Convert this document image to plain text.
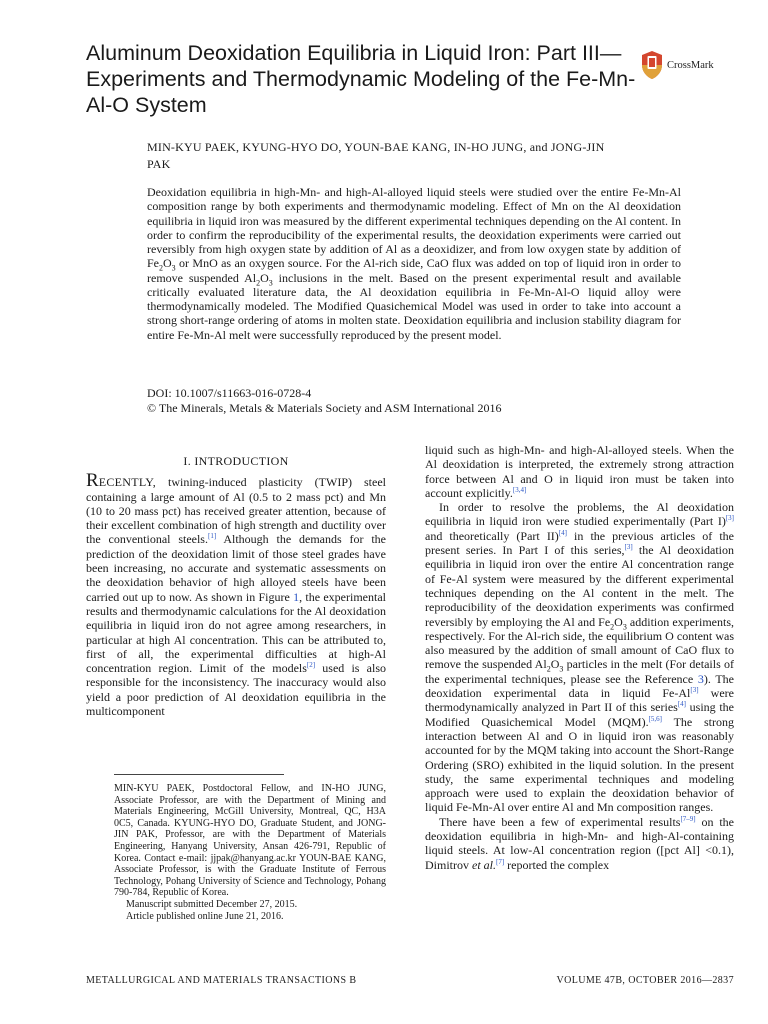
Aluminum Deoxidation Equilibria in Liquid Iron: Part III—Experiments and Thermodynamic Modeling of the Fe-Mn-Al-O System
CrossMark
MIN-KYU PAEK, KYUNG-HYO DO, YOUN-BAE KANG, IN-HO JUNG, and JONG-JIN PAK
Deoxidation equilibria in high-Mn- and high-Al-alloyed liquid steels were studied over the entire Fe-Mn-Al composition range by both experiments and thermodynamic modeling. Effect of Mn on the Al deoxidation equilibria in liquid iron was measured by the different experimental techniques depending on the Al content. In order to confirm the reproducibility of the experimental results, the deoxidation experiments were carried out reversibly from high oxygen state by addition of Al as a deoxidizer, and from low oxygen state by addition of $Fe_2O_3$ or MnO as an oxygen source. For the Al-rich side, CaO flux was added on top of liquid iron in order to remove suspended $Al_2O_3$ inclusions in the melt. Based on the present experimental result and available critically evaluated literature data, the Al deoxidation equilibria in Fe-Mn-Al-O liquid alloy were thermodynamically modeled. The Modified Quasichemical Model was used in order to take into account a strong short-range ordering of atoms in molten state. Deoxidation equilibria and inclusion stability diagram for entire Fe-Mn-Al melt were successfully reproduced by the present model.
DOI: 10.1007/s11663-016-0728-4
© The Minerals, Metals & Materials Society and ASM International 2016
I. INTRODUCTION

RECENTLY, twining-induced plasticity (TWIP) steel containing a large amount of Al (0.5 to 2 mass pct) and Mn (10 to 20 mass pct) has received greater attention, because of their excellent combination of high strength and ductility over the conventional steels.[1] Although the demands for the prediction of the deoxidation limit of those steel grades have been increasing, no accurate and systematic assessments on the deoxidation behavior of high alloyed steels have been carried out up to now. As shown in Figure 1, the experimental results and thermodynamic calculations for the Al deoxidation equilibria in liquid iron do not agree among researchers, in particular at high Al concentration. This can be attributed to, first of all, the experimental difficulties at high-Al concentration region. Limit of the models[2] used is also responsible for the inconsistency. The inaccuracy would also yield a poor prediction of Al deoxidation equilibria in the multicomponent

liquid such as high-Mn- and high-Al-alloyed steels. When the Al deoxidation is interpreted, the extremely strong attraction force between Al and O in liquid iron must be taken into account explicitly.[3,4]

In order to resolve the problems, the Al deoxidation equilibria in liquid iron were studied experimentally (Part I)[3] and theoretically (Part II)[4] in the previous articles of the present series. In Part I of this series,[3] the Al deoxidation equilibria in liquid iron over the entire Al concentration range of Fe-Al system were measured by the different experimental techniques depending on the Al content in the melt. The reproducibility of the deoxidation experiments was confirmed reversibly by employing the Al and $Fe_2O_3$ addition experiments, respectively. For the Al-rich side, the equilibrium O content was also measured by the addition of small amount of CaO flux to remove the suspended $Al_2O_3$ particles in the melt (For details of the experimental techniques, please see the Reference 3). The deoxidation experimental data in liquid Fe-Al[3] were thermodynamically analyzed in Part II of this series[4] using the Modified Quasichemical Model (MQM).[5,6] The strong interaction between Al and O in liquid iron was reasonably accounted for by the MQM taking into account the Short-Range Ordering (SRO) exhibited in the liquid solution. In the present study, the same experimental techniques and modeling approach were used to explain the deoxidation behavior of liquid Fe-Mn-Al over entire Al and Mn composition ranges.

There have been a few of experimental results[7–9] on the deoxidation equilibria in high-Mn- and high-Al-containing liquid steels. At low-Al concentration region ([pct Al] <0.1), Dimitrov et al.[7] reported the complex

MIN-KYU PAEK, Postdoctoral Fellow, and IN-HO JUNG, Associate Professor, are with the Department of Mining and Materials Engineering, McGill University, Montreal, QC, H3A 0C5, Canada. KYUNG-HYO DO, Graduate Student, and JONG-JIN PAK, Professor, are with the Department of Materials Engineering, Hanyang University, Ansan 426-791, Republic of Korea. Contact e-mail: jjpak@hanyang.ac.kr YOUN-BAE KANG, Associate Professor, is with the Graduate Institute of Ferrous Technology, Pohang University of Science and Technology, Pohang 790-784, Republic of Korea.

Manuscript submitted December 27, 2015.

Article published online June 21, 2016.

METALLURGICAL AND MATERIALS TRANSACTIONS B	VOLUME 47B, OCTOBER 2016—2837
